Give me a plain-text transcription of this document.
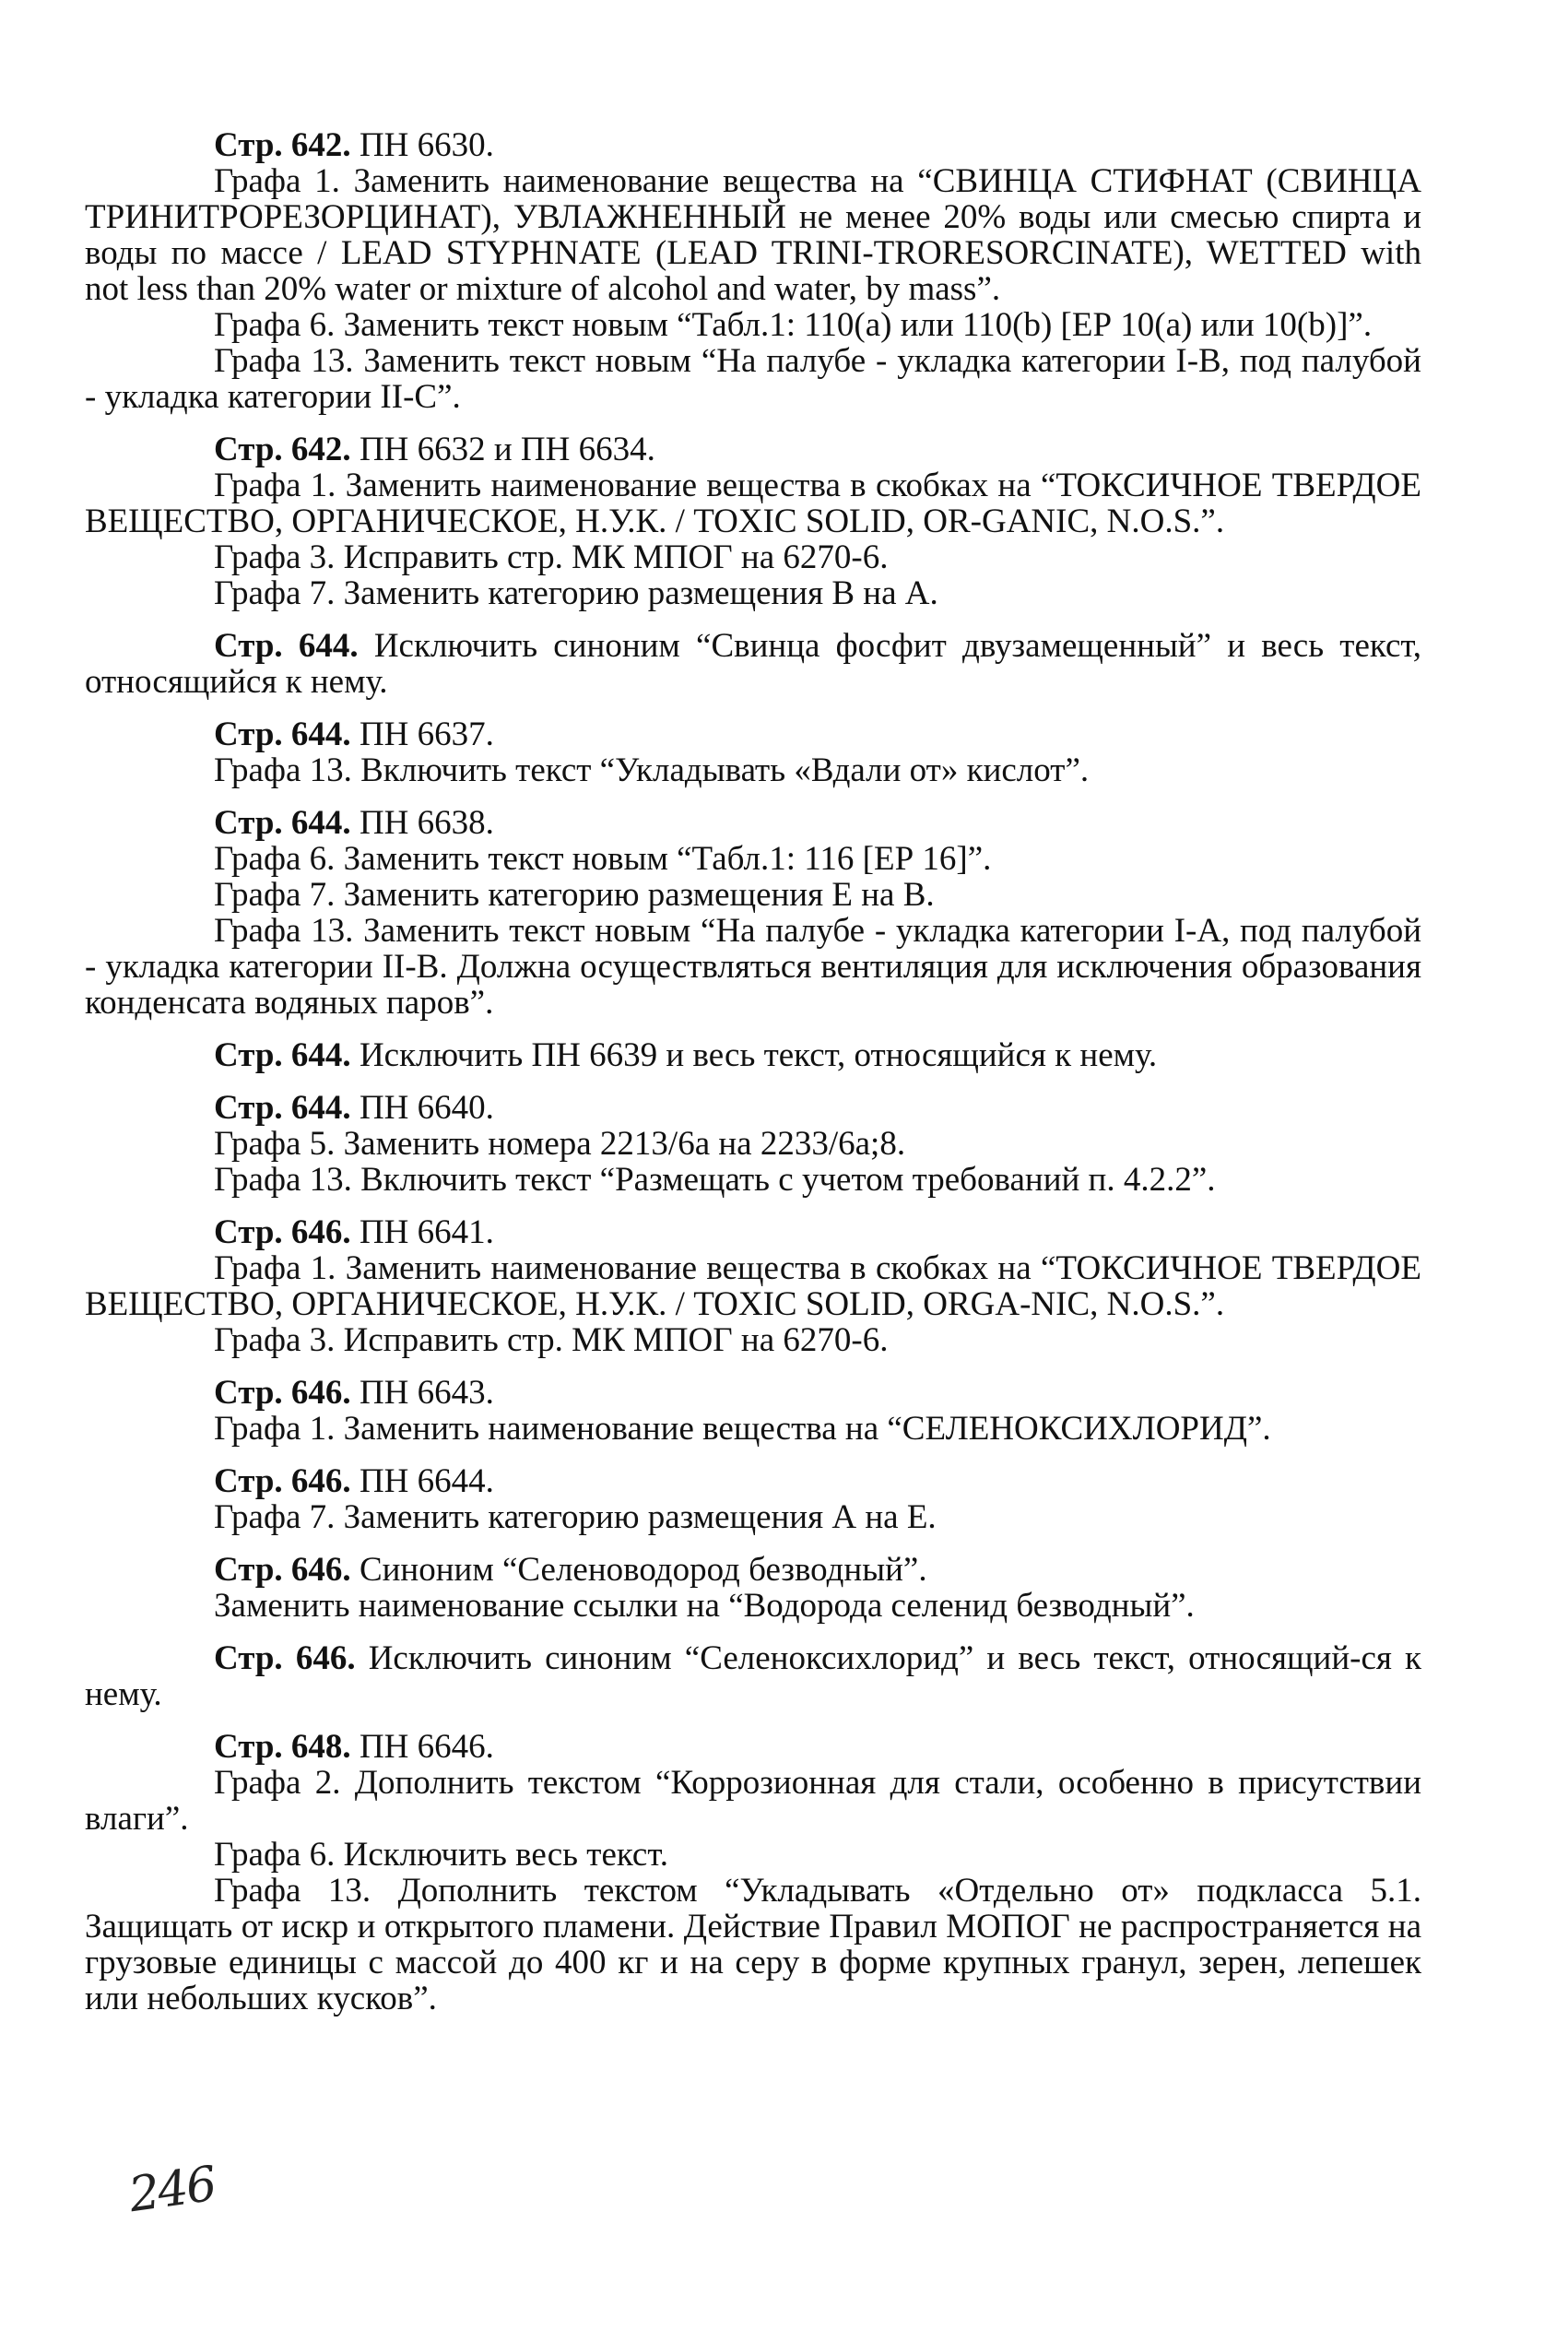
Стр. 642. ПН 6630.
Графа 1. Заменить наименование вещества на “СВИНЦА СТИФНАТ (СВИНЦА ТРИНИТРОРЕЗОРЦИНАТ), УВЛАЖНЕННЫЙ не менее 20% воды или смесью спирта и воды по массе / LEAD STYPHNATE (LEAD TRINI-TRORESORCINATE), WETTED with not less than 20% water or mixture of alcohol and water, by mass”.
Графа 6. Заменить текст новым “Табл.1: 110(а) или 110(b) [ЕР 10(а) или 10(b)]”.
Графа 13. Заменить текст новым “На палубе - укладка категории I-B, под палубой - укладка категории II-C”.
Стр. 642. ПН 6632 и ПН 6634.
Графа 1. Заменить наименование вещества в скобках на “ТОКСИЧНОЕ ТВЕРДОЕ ВЕЩЕСТВО, ОРГАНИЧЕСКОЕ, Н.У.К. / TOXIC SOLID, OR-GANIC, N.O.S.”.
Графа 3. Исправить стр. МК МПОГ на 6270-6.
Графа 7. Заменить категорию размещения В на А.
Стр. 644. Исключить синоним “Свинца фосфит двузамещенный” и весь текст, относящийся к нему.
Стр. 644. ПН 6637.
Графа 13. Включить текст “Укладывать «Вдали от» кислот”.
Стр. 644. ПН 6638.
Графа 6. Заменить текст новым “Табл.1: 116 [ЕР 16]”.
Графа 7. Заменить категорию размещения Е на В.
Графа 13. Заменить текст новым “На палубе - укладка категории I-A, под палубой - укладка категории II-B. Должна осуществляться вентиляция для исключения образования конденсата водяных паров”.
Стр. 644. Исключить ПН 6639 и весь текст, относящийся к нему.
Стр. 644. ПН 6640.
Графа 5. Заменить номера 2213/6а на 2233/6а;8.
Графа 13. Включить текст “Размещать с учетом требований п. 4.2.2”.
Стр. 646. ПН 6641.
Графа 1. Заменить наименование вещества в скобках на “ТОКСИЧНОЕ ТВЕРДОЕ ВЕЩЕСТВО, ОРГАНИЧЕСКОЕ, Н.У.К. / TOXIC SOLID, ORGA-NIC, N.O.S.”.
Графа 3. Исправить стр. МК МПОГ на 6270-6.
Стр. 646. ПН 6643.
Графа 1. Заменить наименование вещества на “СЕЛЕНОКСИХЛОРИД”.
Стр. 646. ПН 6644.
Графа 7. Заменить категорию размещения А на Е.
Стр. 646. Синоним “Селеноводород безводный”.
Заменить наименование ссылки на “Водорода селенид безводный”.
Стр. 646. Исключить синоним “Селеноксихлорид” и весь текст, относящий-ся к нему.
Стр. 648. ПН 6646.
Графа 2. Дополнить текстом “Коррозионная для стали, особенно в присутствии влаги”.
Графа 6. Исключить весь текст.
Графа 13. Дополнить текстом “Укладывать «Отдельно от» подкласса 5.1. Защищать от искр и открытого пламени. Действие Правил МОПОГ не распространяется на грузовые единицы с массой до 400 кг и на серу в форме крупных гранул, зерен, лепешек или небольших кусков”.
246
